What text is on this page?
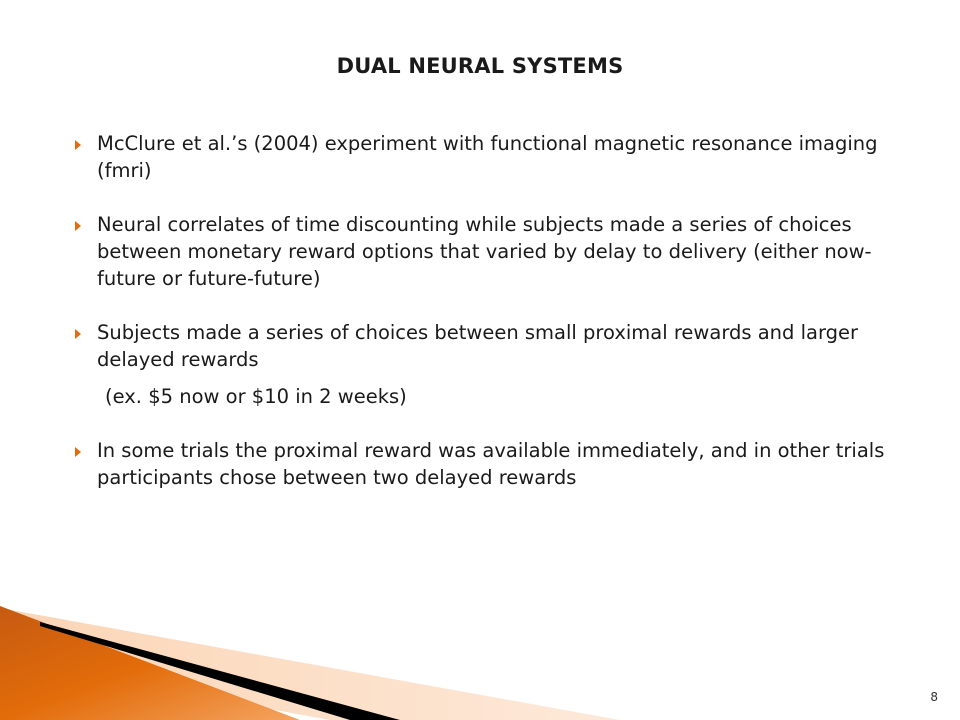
DUAL NEURAL SYSTEMS
McClure et al.’s (2004) experiment with functional magnetic resonance imaging (fmri)
Neural correlates of time discounting while subjects made a series of choices between monetary reward options that varied by delay to delivery (either now-future or future-future)
Subjects made a series of choices between small proximal rewards and larger delayed rewards
(ex. $5 now or $10 in 2 weeks)
In some trials the proximal reward was available immediately, and in other trials participants chose between two delayed rewards
8
